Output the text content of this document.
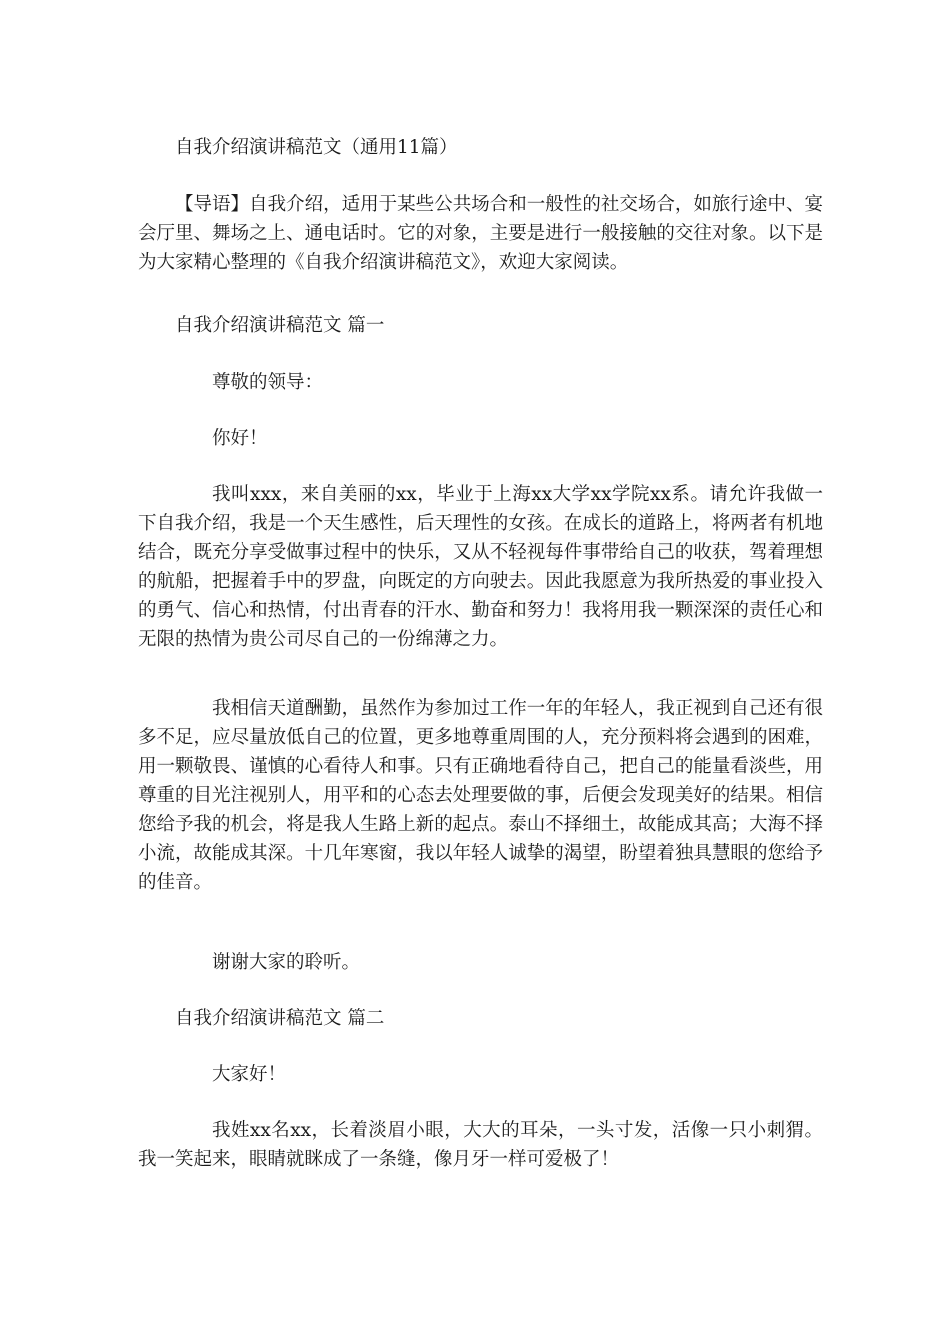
自我介绍演讲稿范文（通用11篇）
【导语】自我介绍，适用于某些公共场合和一般性的社交场合，如旅行途中、宴会厅里、舞场之上、通电话时。它的对象，主要是进行一般接触的交往对象。以下是为大家精心整理的《自我介绍演讲稿范文》，欢迎大家阅读。
自我介绍演讲稿范文 篇一
尊敬的领导：
你好！
我叫xxx，来自美丽的xx，毕业于上海xx大学xx学院xx系。请允许我做一下自我介绍，我是一个天生感性，后天理性的女孩。在成长的道路上，将两者有机地结合，既充分享受做事过程中的快乐，又从不轻视每件事带给自己的收获，驾着理想的航船，把握着手中的罗盘，向既定的方向驶去。因此我愿意为我所热爱的事业投入的勇气、信心和热情，付出青春的汗水、勤奋和努力！我将用我一颗深深的责任心和无限的热情为贵公司尽自己的一份绵薄之力。
我相信天道酬勤，虽然作为参加过工作一年的年轻人，我正视到自己还有很多不足，应尽量放低自己的位置，更多地尊重周围的人，充分预料将会遇到的困难，用一颗敬畏、谨慎的心看待人和事。只有正确地看待自己，把自己的能量看淡些，用尊重的目光注视别人，用平和的心态去处理要做的事，后便会发现美好的结果。相信您给予我的机会，将是我人生路上新的起点。泰山不择细土，故能成其高；大海不择小流，故能成其深。十几年寒窗，我以年轻人诚挚的渴望，盼望着独具慧眼的您给予的佳音。
谢谢大家的聆听。
自我介绍演讲稿范文 篇二
大家好！
我姓xx名xx，长着淡眉小眼，大大的耳朵，一头寸发，活像一只小刺猬。我一笑起来，眼睛就眯成了一条缝，像月牙一样可爱极了！
